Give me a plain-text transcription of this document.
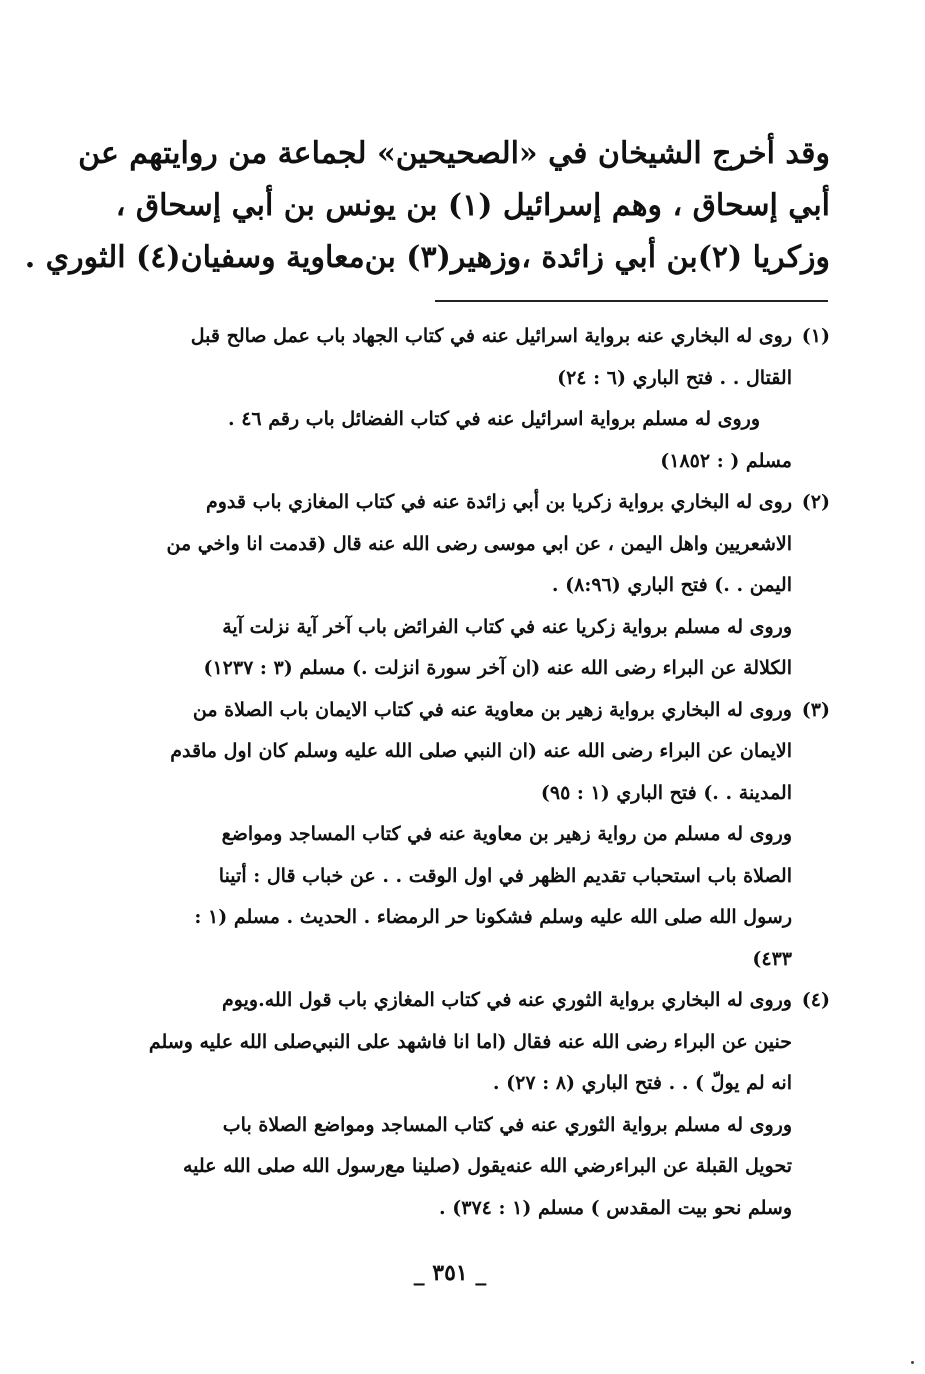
وقد أخرج الشيخان في «الصحيحين» لجماعة من روايتهم عن
أبي إسحاق ، وهم إسرائيل (١) بن يونس بن أبي إسحاق ،
وزكريا (٢)بن أبي زائدة ،وزهير(٣) بن‌معاوية وسفيان(٤) الثوري .
(١)
روى له البخاري عنه برواية اسرائيل عنه في كتاب الجهاد باب عمل صالح قبل
القتال . . فتح الباري (٦ : ٢٤)
وروى له مسلم برواية اسرائيل عنه في كتاب الفضائل باب رقم ٤٦ .
مسلم ( : ١٨٥٢)
(٢)
روى له البخاري برواية زكريا بن أبي زائدة عنه في كتاب المغازي باب قدوم
الاشعريين واهل اليمن ، عن ابي موسى رضى الله عنه قال (قدمت انا واخي من
اليمن . .) فتح الباري (٨:٩٦) .
وروى له مسلم برواية زكريا عنه في كتاب الفرائض باب آخر آية نزلت آية
الكلالة عن البراء رضى الله عنه (ان آخر سورة انزلت .) مسلم (٣ : ١٢٣٧)
(٣)
وروى له البخاري برواية زهير بن معاوية عنه في كتاب الايمان باب الصلاة من
الايمان عن البراء رضى الله عنه (ان النبي صلى الله عليه وسلم كان اول ماقدم
المدينة . .) فتح الباري (١ : ٩٥)
وروى له مسلم من رواية زهير بن معاوية عنه في كتاب المساجد ومواضع
الصلاة باب استحباب تقديم الظهر في اول الوقت . . عن خباب قال : أتينا
رسول الله صلى الله عليه وسلم فشكونا حر الرمضاء . الحديث . مسلم (١ :
٤٣٣)
(٤)
وروى له البخاري برواية الثوري عنه في كتاب المغازي باب قول الله.ويوم
حنين عن البراء رضى الله عنه فقال (اما انا فاشهد على النبي‌صلى الله عليه وسلم
انه لم يولّ ) . . فتح الباري (٨ : ٢٧) .
وروى له مسلم برواية الثوري عنه في كتاب المساجد ومواضع الصلاة باب
تحويل القبلة عن البراء‌رضي الله عنه‌يقول (صلينا مع‌رسول الله صلى الله عليه
وسلم نحو بيت المقدس ) مسلم (١ : ٣٧٤) .
_ ٣٥١ _
